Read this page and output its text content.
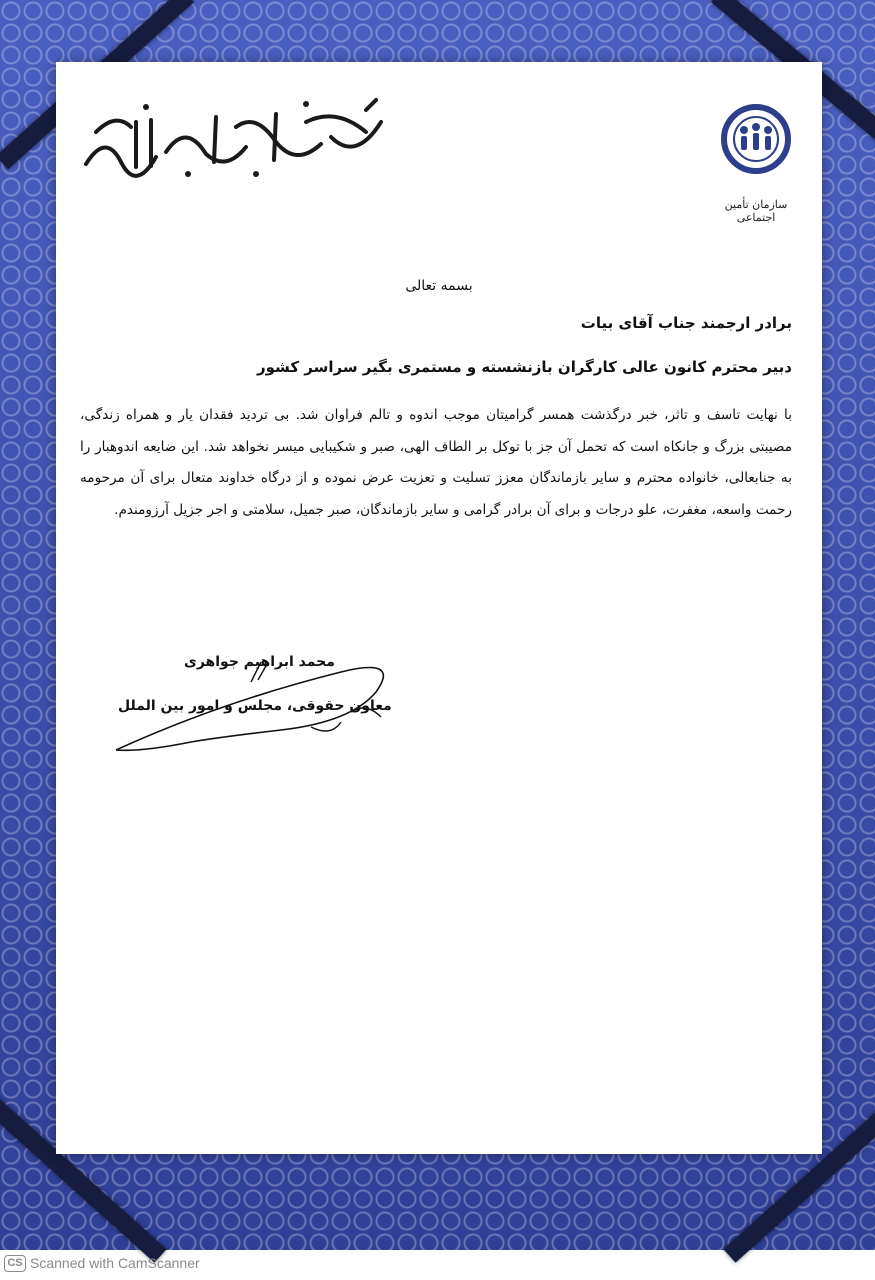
سازمان تأمین اجتماعی
بسمه تعالی
برادر ارجمند جناب آقای بیات
دبیر محترم کانون عالی کارگران بازنشسته و مستمری بگیر سراسر کشور
با نهایت تاسف و تاثر، خبر درگذشت همسر گرامیتان موجب اندوه و تالم فراوان شد. بی تردید فقدان یار و همراه زندگی، مصیبتی بزرگ و جانکاه است که تحمل آن جز با توکل بر الطاف الهی، صبر و شکیبایی میسر نخواهد شد. این ضایعه اندوهبار را به جنابعالی، خانواده محترم و سایر بازماندگان معزز تسلیت و تعزیت عرض نموده و از درگاه خداوند متعال برای آن مرحومه رحمت واسعه، مغفرت، علو درجات و برای آن برادر گرامی و سایر بازماندگان، صبر جمیل، سلامتی و اجر جزیل آرزومندم.
محمد ابراهیم جواهری
معاون حقوقی، مجلس و امور بین الملل
CS Scanned with CamScanner
